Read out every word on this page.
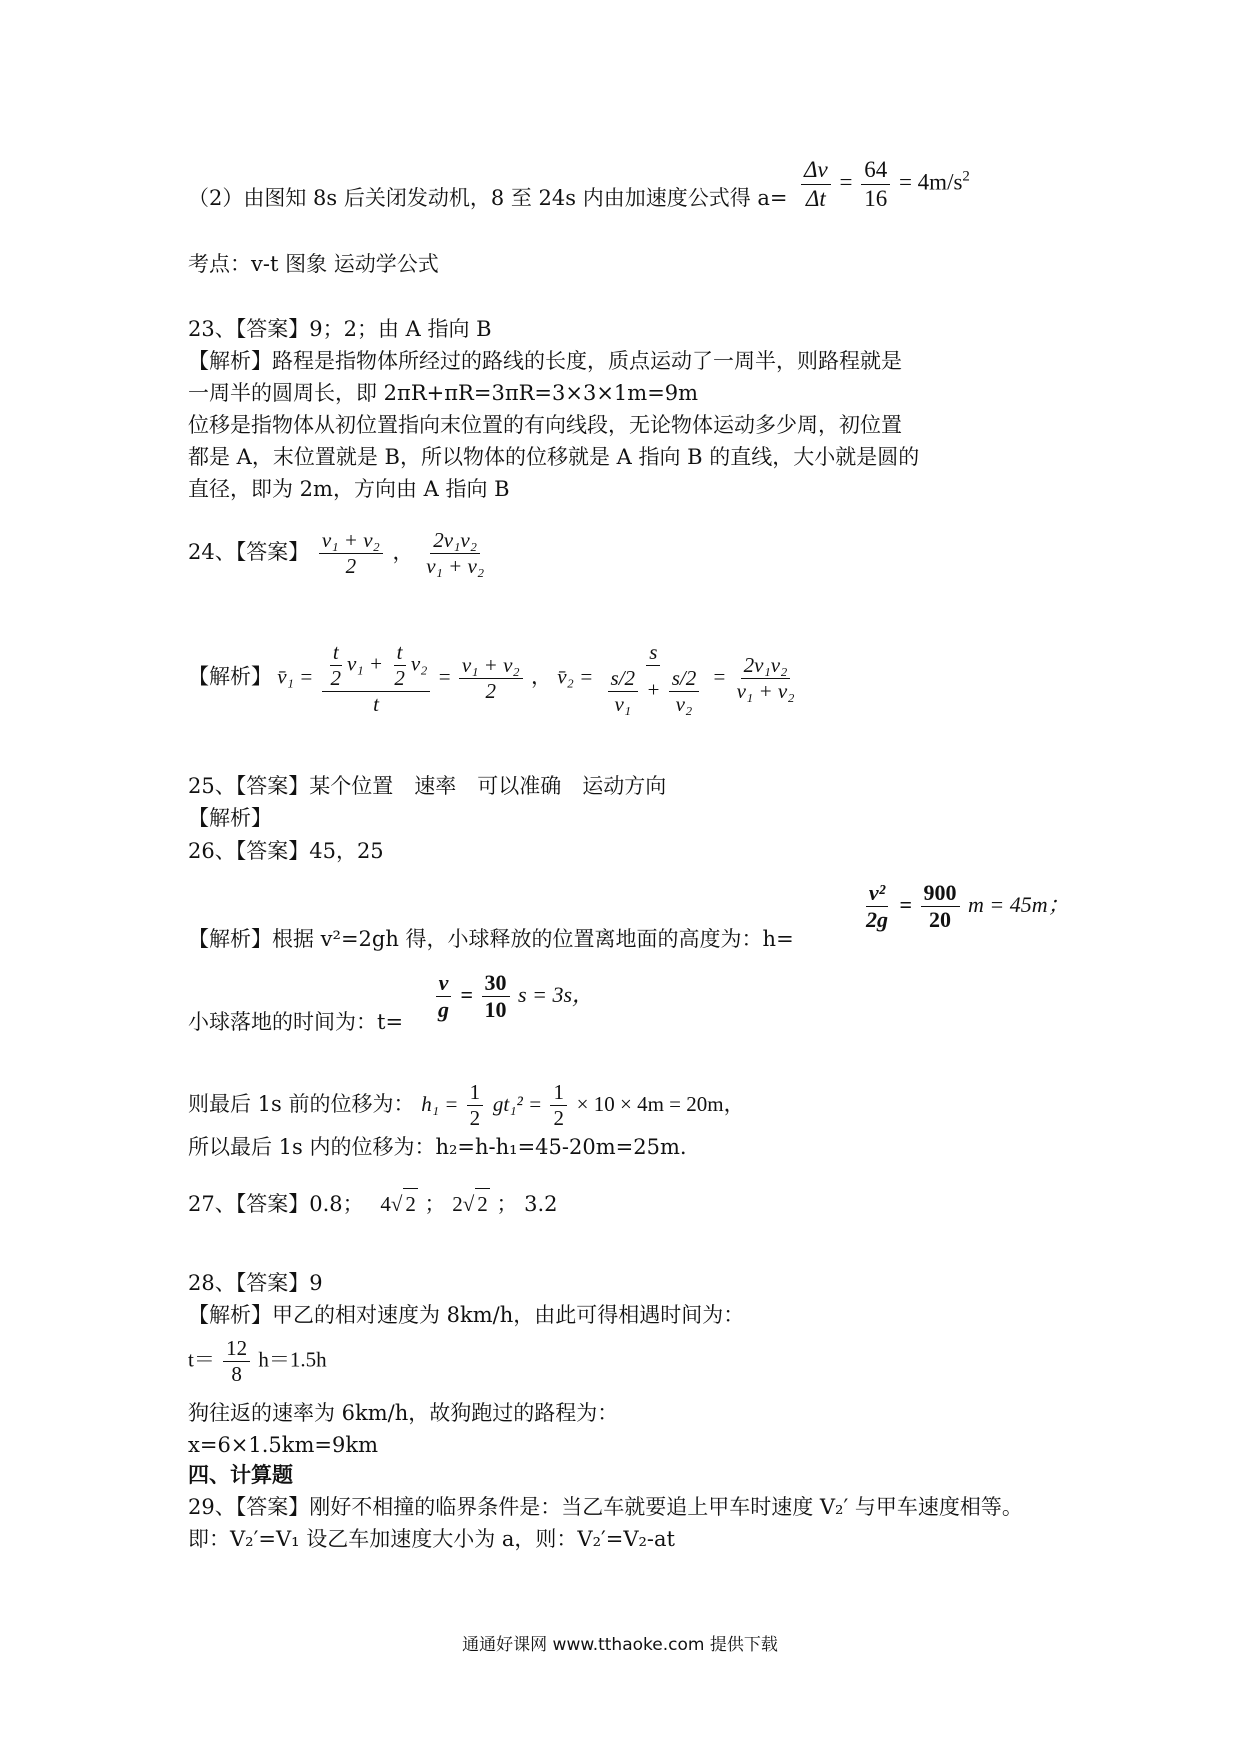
（2）由图知 8s 后关闭发动机，8 至 24s 内由加速度公式得 $a= \frac{\Delta v}{\Delta t} = \frac{64}{16} = 4m/s^2$
考点：v-t 图象 运动学公式
23、【答案】9；2；由 A 指向 B
【解析】路程是指物体所经过的路线的长度，质点运动了一周半，则路程就是
一周半的圆周长，即 2πR+πR=3πR=3×3×1m=9m
位移是指物体从初位置指向末位置的有向线段，无论物体运动多少周，初位置
都是 A，末位置就是 B，所以物体的位移就是 A 指向 B 的直线，大小就是圆的
直径，即为 2m，方向由 A 指向 B
24、【答案】 $\frac{\text{v₁ + v₂}}{2}$ ， $\frac{\text{2v₁v₂}}{\text{v₁ + v₂}}$
【解析】 v̄₁ = $\frac{\frac{t}{2} v_1 + \frac{t}{2} v_2}{t} = \frac{\text{v₁ + v₂}}{2}$ ， v̄₂ = $\frac{s}{\frac{s/2}{\text{v₁}} + \frac{s/2}{\text{v₂}}} = \frac{\text{2v₁v₂}}{\text{v₁ + v₂}}$
25、【答案】某个位置　速率　可以准确　运动方向
【解析】
26、【答案】45，25
【解析】根据 v²=2gh 得，小球释放的位置离地面的高度为：h=
$\frac{\text{v²}}{2g} = \frac{900}{20}$ m = 45m；
小球落地的时间为：$t= \frac{v}{g} = \frac{30}{10}$ s = 3s，
则最后 1s 前的位移为： $h_1 = \frac{1}{2} gt_1^2 = \frac{1}{2} \times 10 \times 4m = 20m$，
所以最后 1s 内的位移为：h₂=h-h₁=45-20m=25m.
27、【答案】0.8； 4√ 2 ； 2√ 2 ； 3.2
28、【答案】9
【解析】甲乙的相对速度为 8km/h，由此可得相遇时间为：
$t= \frac{12}{8} h=1.5h$
狗往返的速率为 6km/h，故狗跑过的路程为：
x=6×1.5km=9km
四、计算题
29、【答案】刚好不相撞的临界条件是：当乙车就要追上甲车时速度 V₂′ 与甲车速度相等。
即：V₂′=V₁ 设乙车加速度大小为 a，则：V₂′=V₂-at
通通好课网 www.tthaoke.com 提供下载
